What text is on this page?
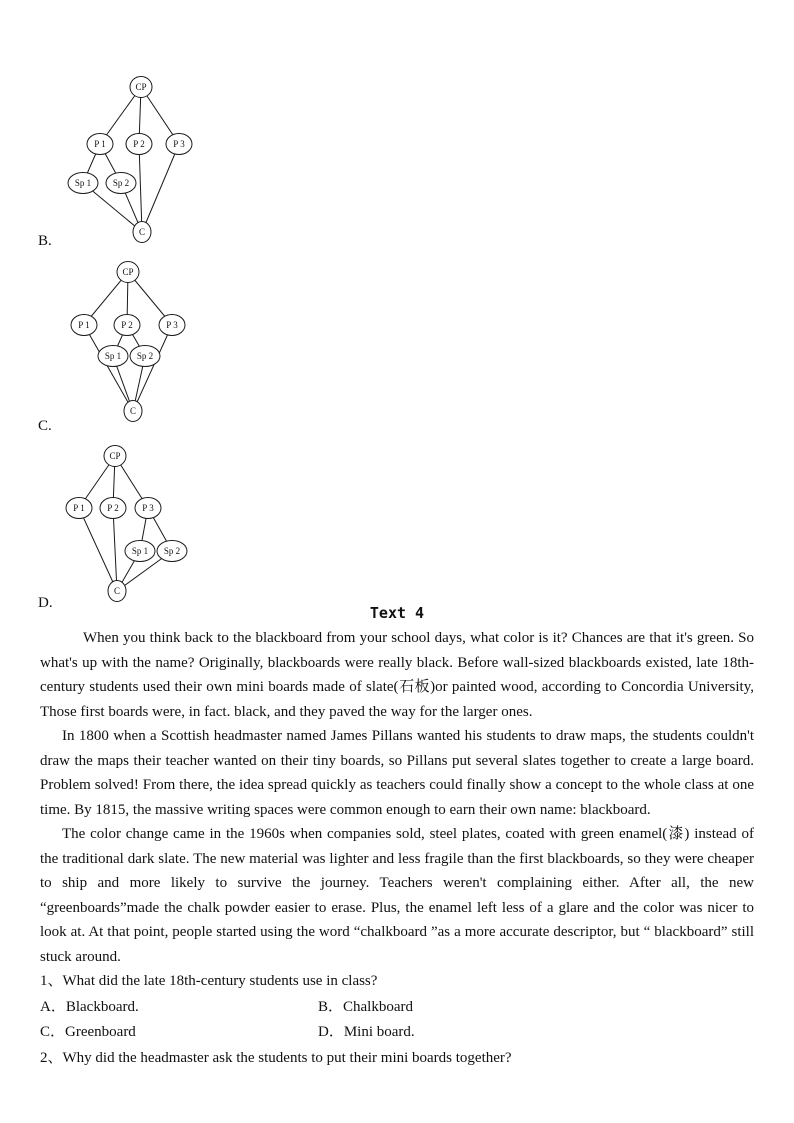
CP
P 1	P 2	P 3
Sp 1 Sp 2
C
B.
CP
P 1	P 2	P 3
Sp 1 Sp 2
C
C.
CP
P 1	P 2	P 3
Sp 1 Sp 2
C
D.
Text 4

When you think back to the blackboard from your school days, what color is it? Chances are that it's green. So what's up with the name? Originally, blackboards were really black. Before wall-sized blackboards existed, late 18th-century students used their own mini boards made of slate(石板)or painted wood, according to Concordia University, Those first boards were, in fact. black, and they paved the way for the larger ones.

In 1800 when a Scottish headmaster named James Pillans wanted his students to draw maps, the students couldn't draw the maps their teacher wanted on their tiny boards, so Pillans put several slates together to create a large board. Problem solved! From there, the idea spread quickly as teachers could finally show a concept to the whole class at one time. By 1815, the massive writing spaces were common enough to earn their own name: blackboard.

The color change came in the 1960s when companies sold, steel plates, coated with green enamel(漆) instead of the traditional dark slate. The new material was lighter and less fragile than the first blackboards, so they were cheaper to ship and more likely to survive the journey. Teachers weren't complaining either. After all, the new “greenboards”made the chalk powder easier to erase. Plus, the enamel left less of a glare and the color was nicer to look at. At that point, people started using the word “chalkboard ”as a more accurate descriptor, but “ blackboard” still stuck around.

1、What did the late 18th-century students use in class?
A．Blackboard.	B．Chalkboard
C．Greenboard	D．Mini board.
2、Why did the headmaster ask the students to put their mini boards together?
